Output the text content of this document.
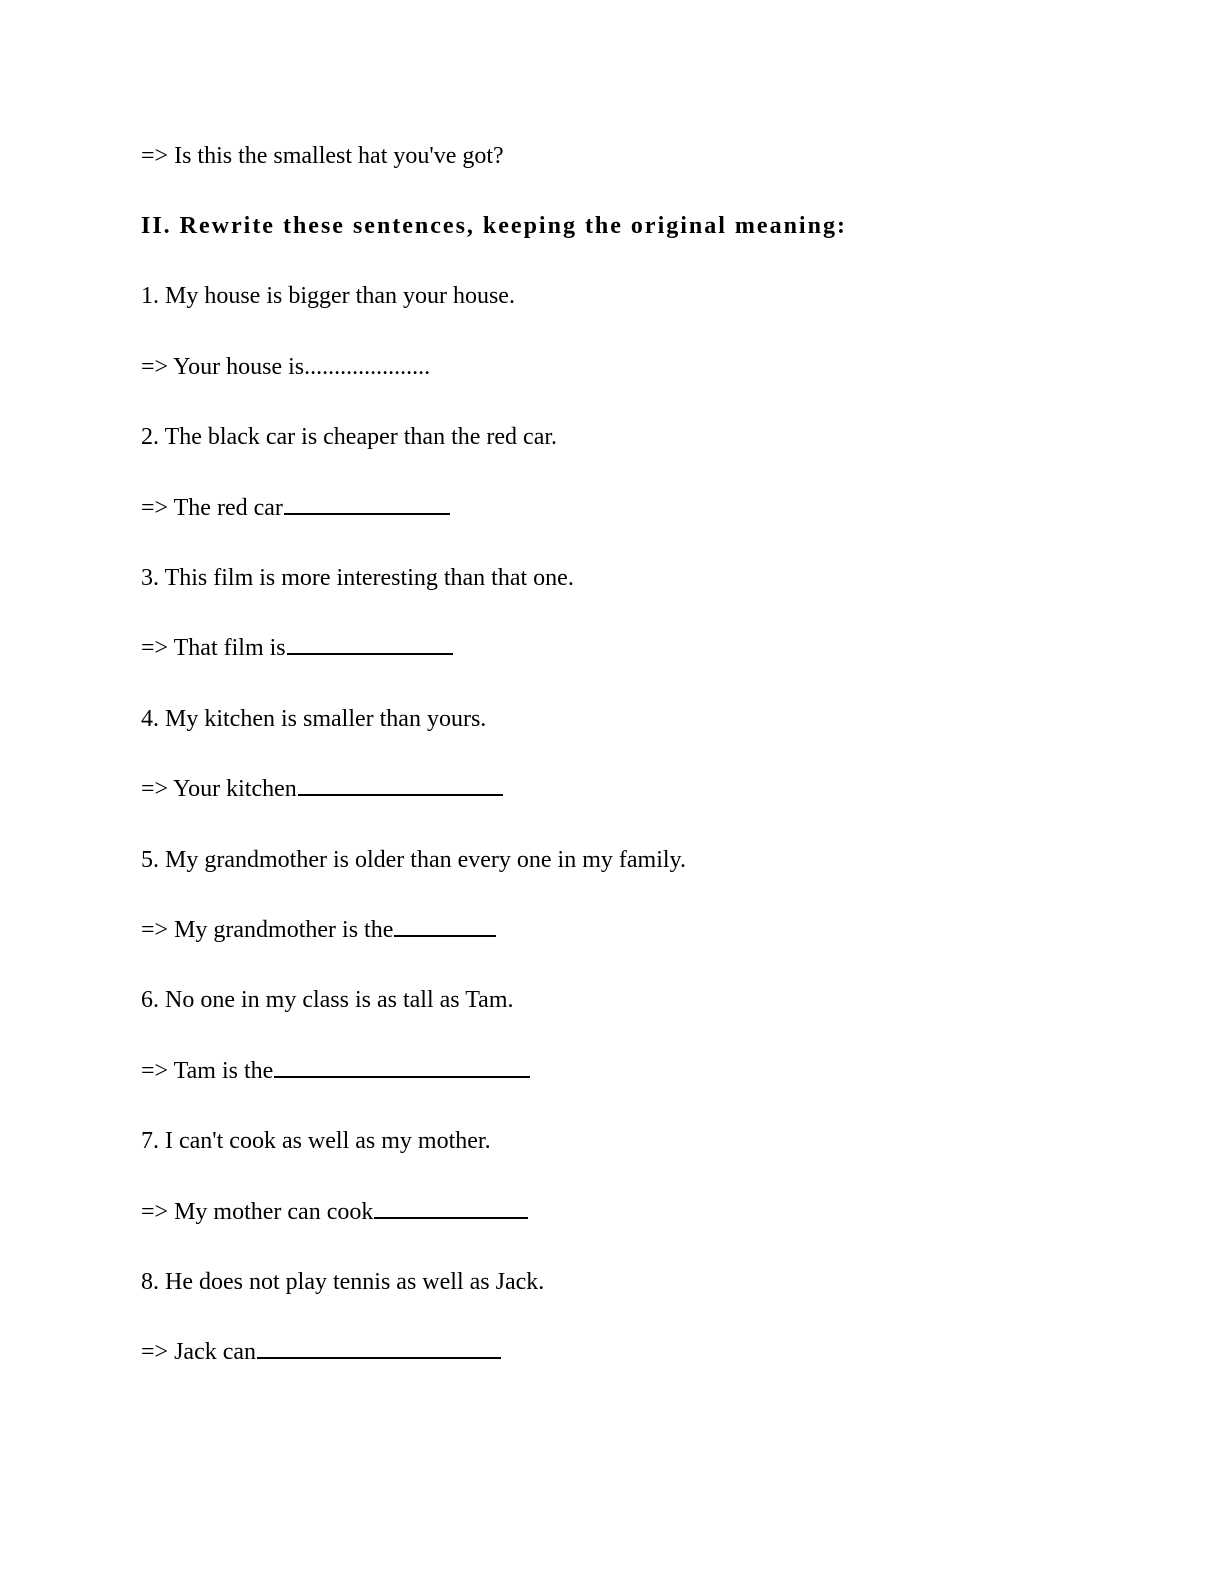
=> Is this the smallest hat you've got?
II. Rewrite these sentences, keeping the original meaning:
1. My house is bigger than your house.
=> Your house is.....................
2. The black car is cheaper than the red car.
=> The red car
3. This film is more interesting than that one.
=> That film is
4. My kitchen is smaller than yours.
=> Your kitchen
5. My grandmother is older than every one in my family.
=> My grandmother is the
6. No one in my class is as tall as Tam.
=> Tam is the
7. I can't cook as well as my mother.
=> My mother can cook
8. He does not play tennis as well as Jack.
=> Jack can
